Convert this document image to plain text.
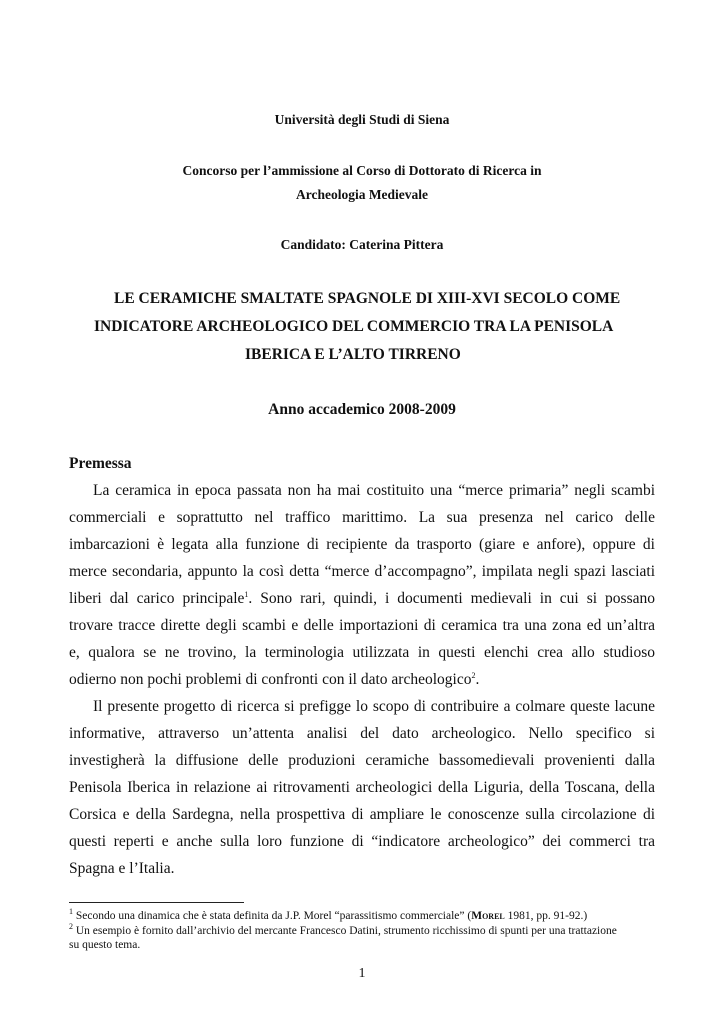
Università degli Studi di Siena
Concorso per l’ammissione al Corso di Dottorato di Ricerca in
Archeologia Medievale
Candidato: Caterina Pittera
LE CERAMICHE SMALTATE SPAGNOLE DI XIII-XVI SECOLO COME
INDICATORE ARCHEOLOGICO DEL COMMERCIO TRA LA PENISOLA
IBERICA E L’ALTO TIRRENO
Anno accademico 2008-2009
Premessa
La ceramica in epoca passata non ha mai costituito una “merce primaria” negli scambi
commerciali e soprattutto nel traffico marittimo. La sua presenza nel carico delle
imbarcazioni è legata alla funzione di recipiente da trasporto (giare e anfore), oppure di
merce secondaria, appunto la così detta “merce d’accompagno”, impilata negli spazi lasciati
liberi dal carico principale$^1$. Sono rari, quindi, i documenti medievali in cui si possano
trovare tracce dirette degli scambi e delle importazioni di ceramica tra una zona ed un’altra
e, qualora se ne trovino, la terminologia utilizzata in questi elenchi crea allo studioso
odierno non pochi problemi di confronti con il dato archeologico$^2$.
Il presente progetto di ricerca si prefigge lo scopo di contribuire a colmare queste lacune
informative, attraverso un’attenta analisi del dato archeologico. Nello specifico si
investigherà la diffusione delle produzioni ceramiche bassomedievali provenienti dalla
Penisola Iberica in relazione ai ritrovamenti archeologici della Liguria, della Toscana, della
Corsica e della Sardegna, nella prospettiva di ampliare le conoscenze sulla circolazione di
questi reperti e anche sulla loro funzione di “indicatore archeologico” dei commerci tra
Spagna e l’Italia.
$^1$ Secondo una dinamica che è stata definita da J.P. Morel “parassitismo commerciale” (Morel 1981, pp. 91-92.)
$^2$ Un esempio è fornito dall’archivio del mercante Francesco Datini, strumento ricchissimo di spunti per una trattazione
su questo tema.
1
